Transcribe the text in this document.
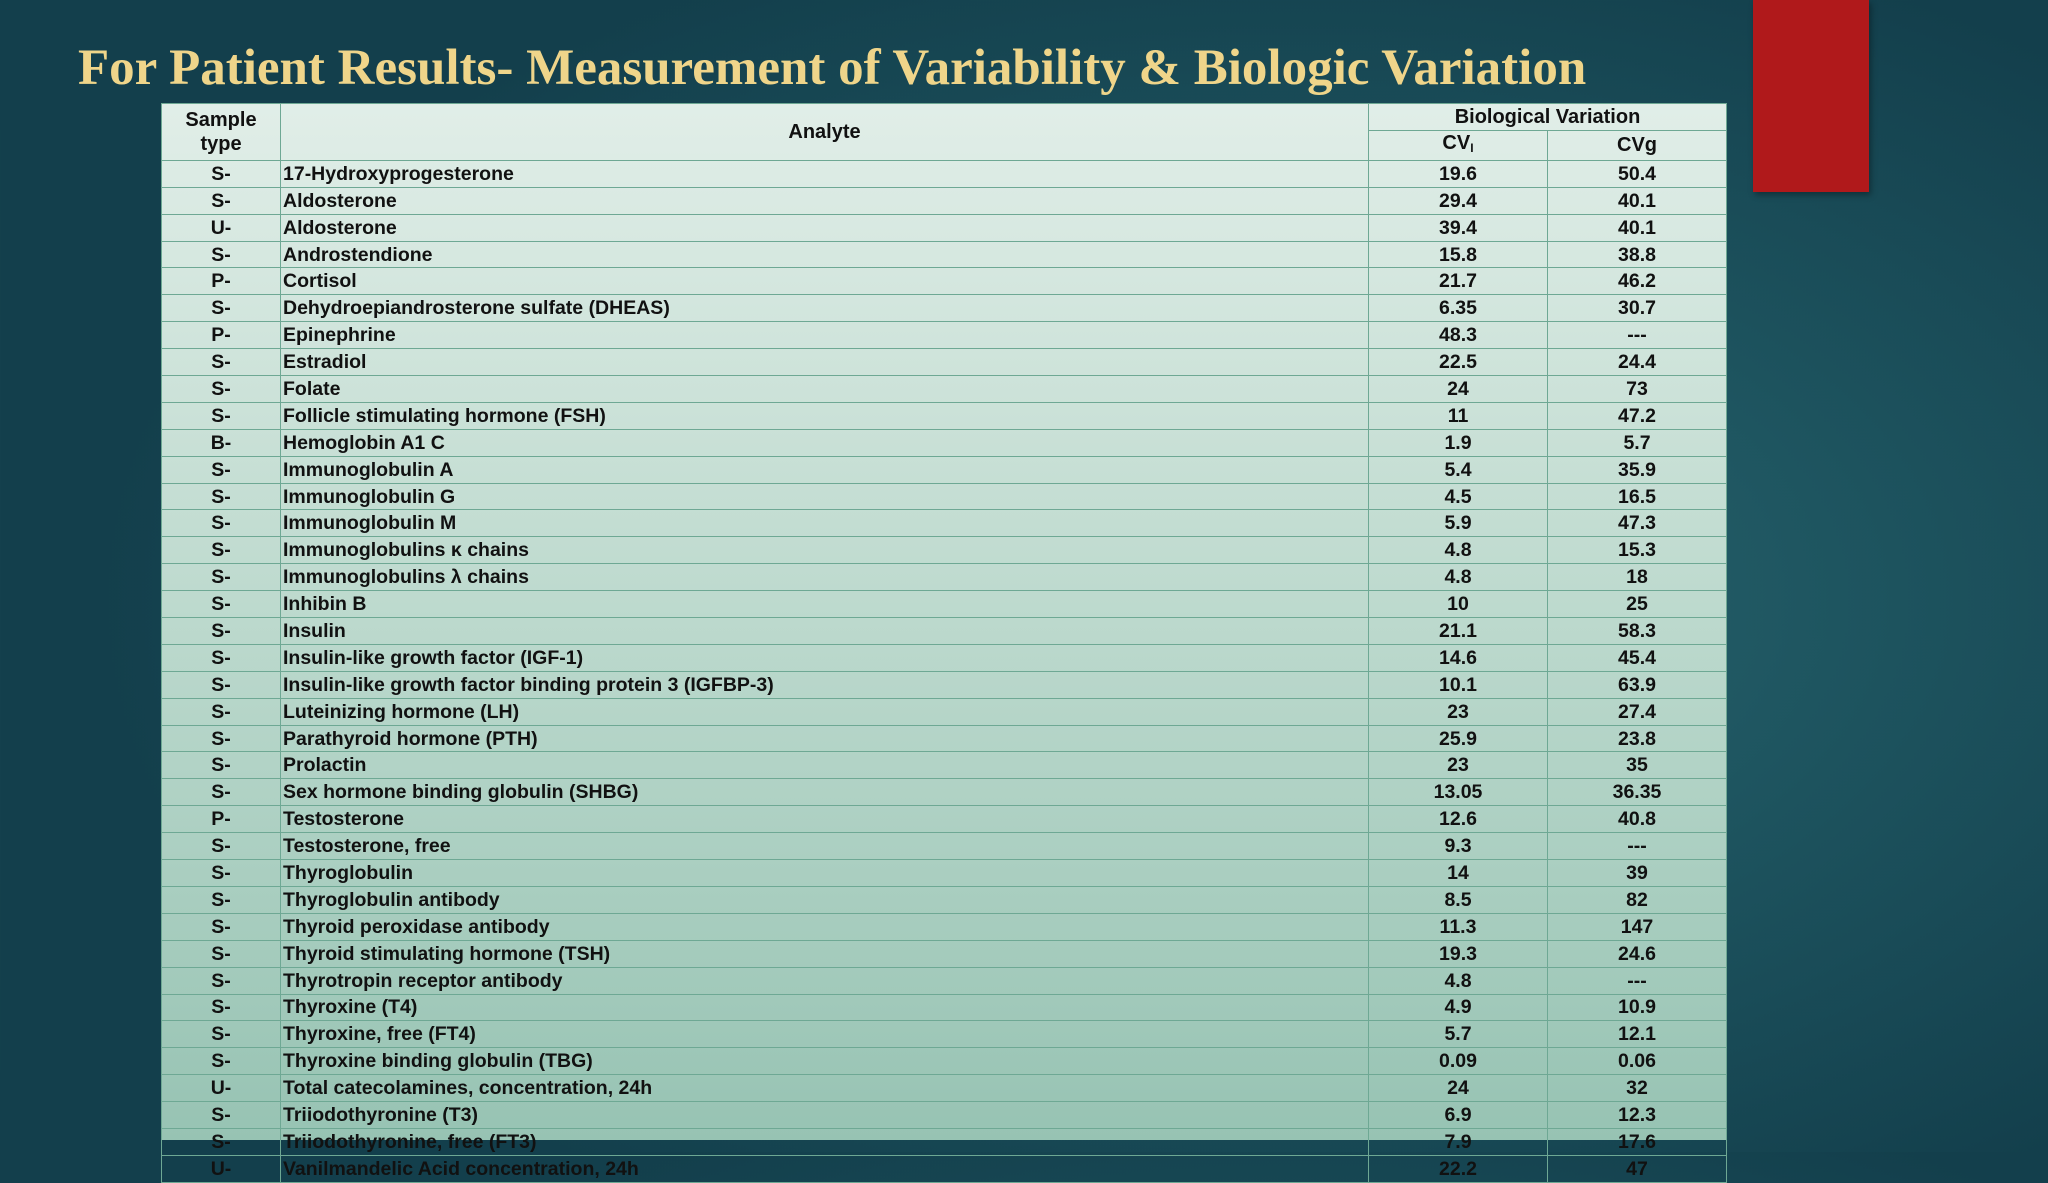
For Patient Results- Measurement of Variability & Biologic Variation
Sample type	Analyte	Biological Variation	
		$CV_I$	CVg
S-	17-Hydroxyprogesterone	19.6	50.4
S-	Aldosterone	29.4	40.1
U-	Aldosterone	39.4	40.1
S-	Androstendione	15.8	38.8
P-	Cortisol	21.7	46.2
S-	Dehydroepiandrosterone sulfate (DHEAS)	6.35	30.7
P-	Epinephrine	48.3	---
S-	Estradiol	22.5	24.4
S-	Folate	24	73
S-	Follicle stimulating hormone (FSH)	11	47.2
B-	Hemoglobin A1 C	1.9	5.7
S-	Immunoglobulin A	5.4	35.9
S-	Immunoglobulin G	4.5	16.5
S-	Immunoglobulin M	5.9	47.3
S-	Immunoglobulins κ chains	4.8	15.3
S-	Immunoglobulins λ chains	4.8	18
S-	Inhibin B	10	25
S-	Insulin	21.1	58.3
S-	Insulin-like growth factor (IGF-1)	14.6	45.4
S-	Insulin-like growth factor binding protein 3 (IGFBP-3)	10.1	63.9
S-	Luteinizing hormone (LH)	23	27.4
S-	Parathyroid hormone (PTH)	25.9	23.8
S-	Prolactin	23	35
S-	Sex hormone binding globulin (SHBG)	13.05	36.35
P-	Testosterone	12.6	40.8
S-	Testosterone, free	9.3	---
S-	Thyroglobulin	14	39
S-	Thyroglobulin antibody	8.5	82
S-	Thyroid peroxidase antibody	11.3	147
S-	Thyroid stimulating hormone (TSH)	19.3	24.6
S-	Thyrotropin receptor antibody	4.8	---
S-	Thyroxine (T4)	4.9	10.9
S-	Thyroxine, free (FT4)	5.7	12.1
S-	Thyroxine binding globulin (TBG)	0.09	0.06
U-	Total catecolamines, concentration, 24h	24	32
S-	Triiodothyronine (T3)	6.9	12.3
S-	Triiodothyronine, free (FT3)	7.9	17.6
U-	Vanilmandelic Acid concentration, 24h	22.2	47
